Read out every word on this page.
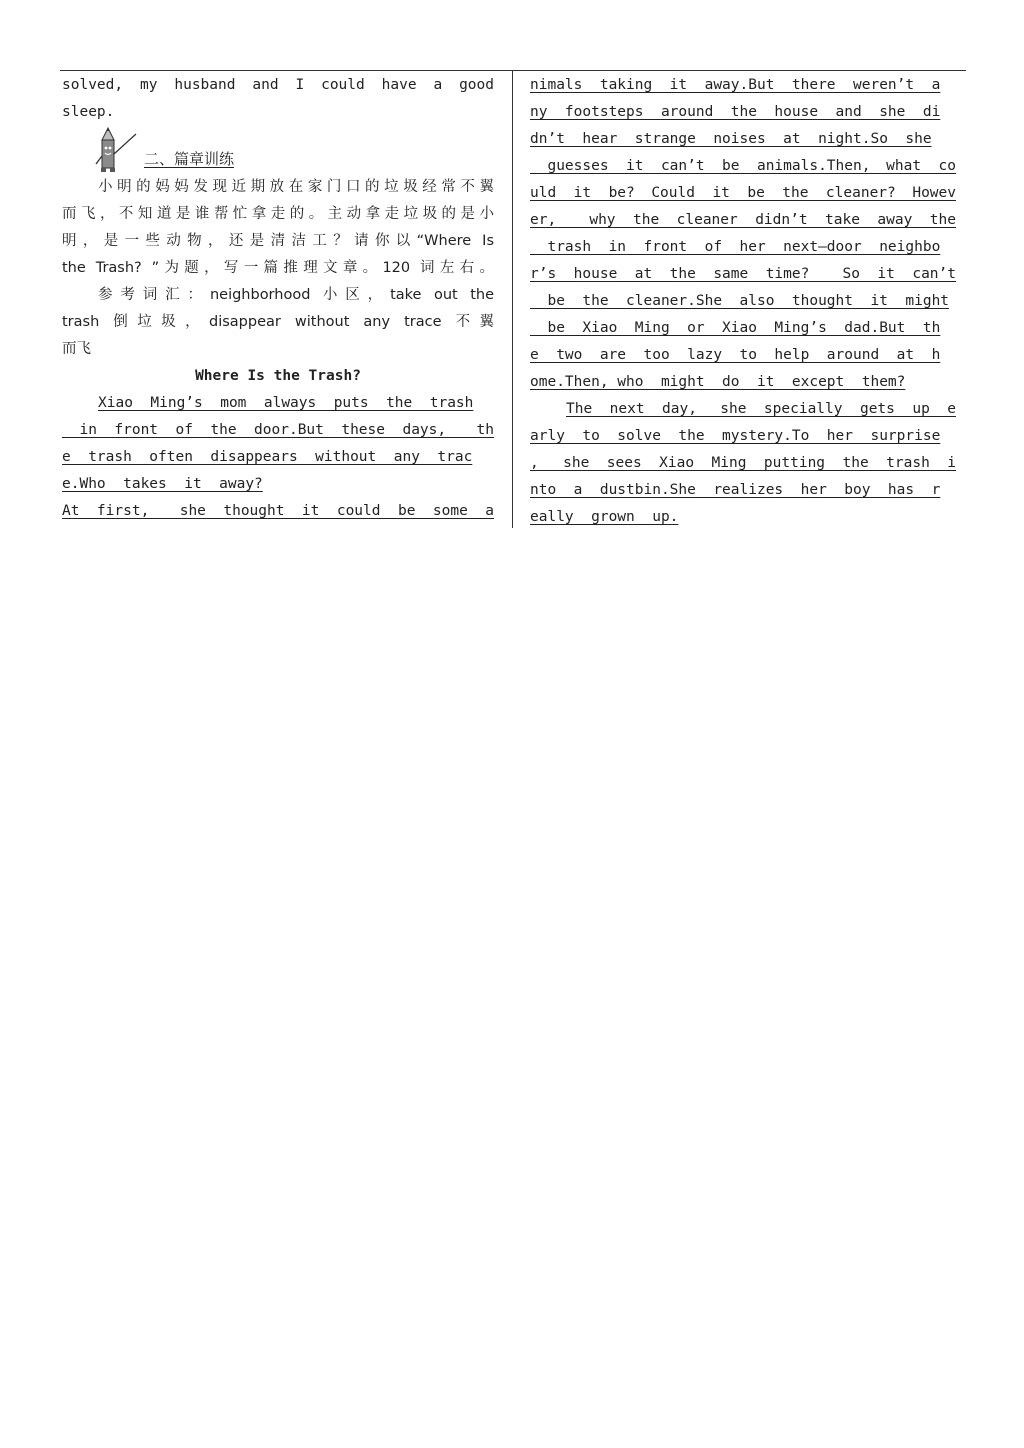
solved, my husband and I could have a good
sleep.
二、篇章训练
小明的妈妈发现近期放在家门口的垃圾经常不翼
而飞，不知道是谁帮忙拿走的。主动拿走垃圾的是小
明，是一些动物，还是清洁工？请你以“Where Is
the Trash? ”为题，写一篇推理文章。120 词左右。
参考词汇：neighborhood 小区，take out the
trash 倒垃圾，disappear without any trace 不翼
而飞
Where Is the Trash?
Xiao__Ming’s__mom__always__puts__the__trash
__in__front__of__the__door.But__these__days, th
e__trash__often__disappears__without__any__trac
e.Who__takes__it__away?
At__first, she__thought__it__could__be__some__a
nimals__taking__it__away.But__there__weren’t__a
ny__footsteps__around__the__house__and__she__di
dn’t__hear__strange__noises__at__night.So__she
__guesses__it__can’t__be__animals.Then, what__co
uld__it__be? Could__it__be__the__cleaner? Howev
er, why__the__cleaner__didn’t__take__away__the
__trash__in__front__of__her__next—door__neighbo
r’s__house__at__the__same__time? So__it__can’t
__be__the__cleaner.She__also__thought__it__might
__be__Xiao__Ming__or__Xiao__Ming’s__dad.But__th
e__two__are__too__lazy__to__help__around__at__h
ome.Then, who__might__do__it__except__them?
The__next__day, she__specially__gets__up__e
arly__to__solve__the__mystery.To__her__surprise
, she__sees__Xiao__Ming__putting__the__trash__i
nto__a__dustbin.She__realizes__her__boy__has__r
eally__grown__up.
